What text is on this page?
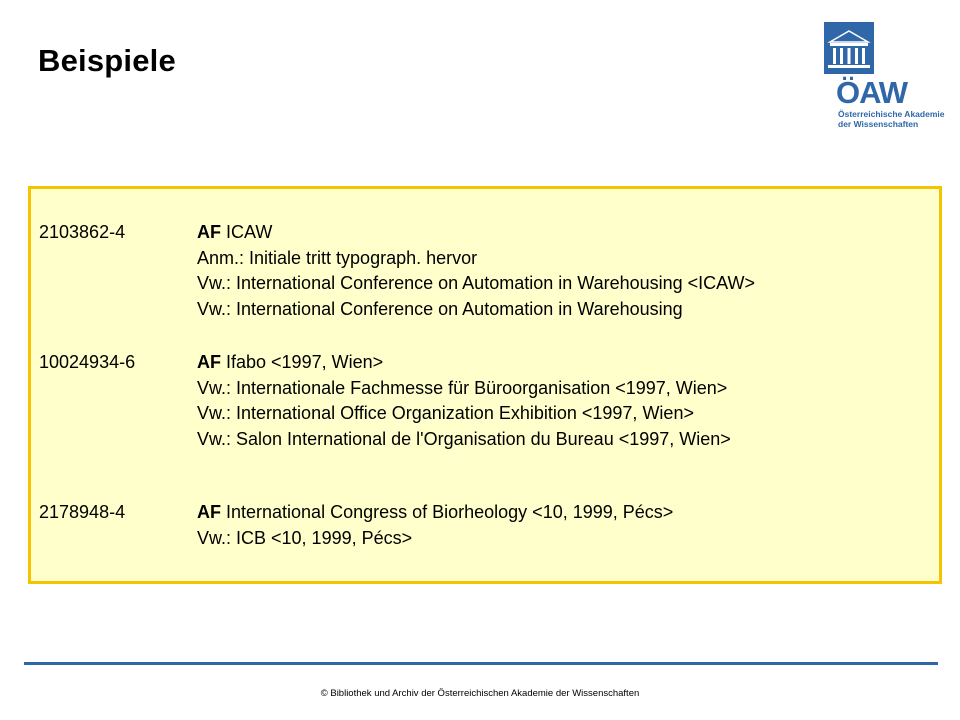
Beispiele
ÖAW
Österreichische Akademie
der Wissenschaften
2103862-4	AF ICAW
Anm.: Initiale tritt typograph. hervor
Vw.: International Conference on Automation in Warehousing <ICAW>
Vw.: International Conference on Automation in Warehousing
10024934-6	AF Ifabo <1997, Wien>
Vw.: Internationale Fachmesse für Büroorganisation <1997, Wien>
Vw.: International Office Organization Exhibition <1997, Wien>
Vw.: Salon International de l'Organisation du Bureau <1997, Wien>
2178948-4	AF International Congress of Biorheology <10, 1999, Pécs>
Vw.: ICB <10, 1999, Pécs>
© Bibliothek und Archiv der Österreichischen Akademie der Wissenschaften
